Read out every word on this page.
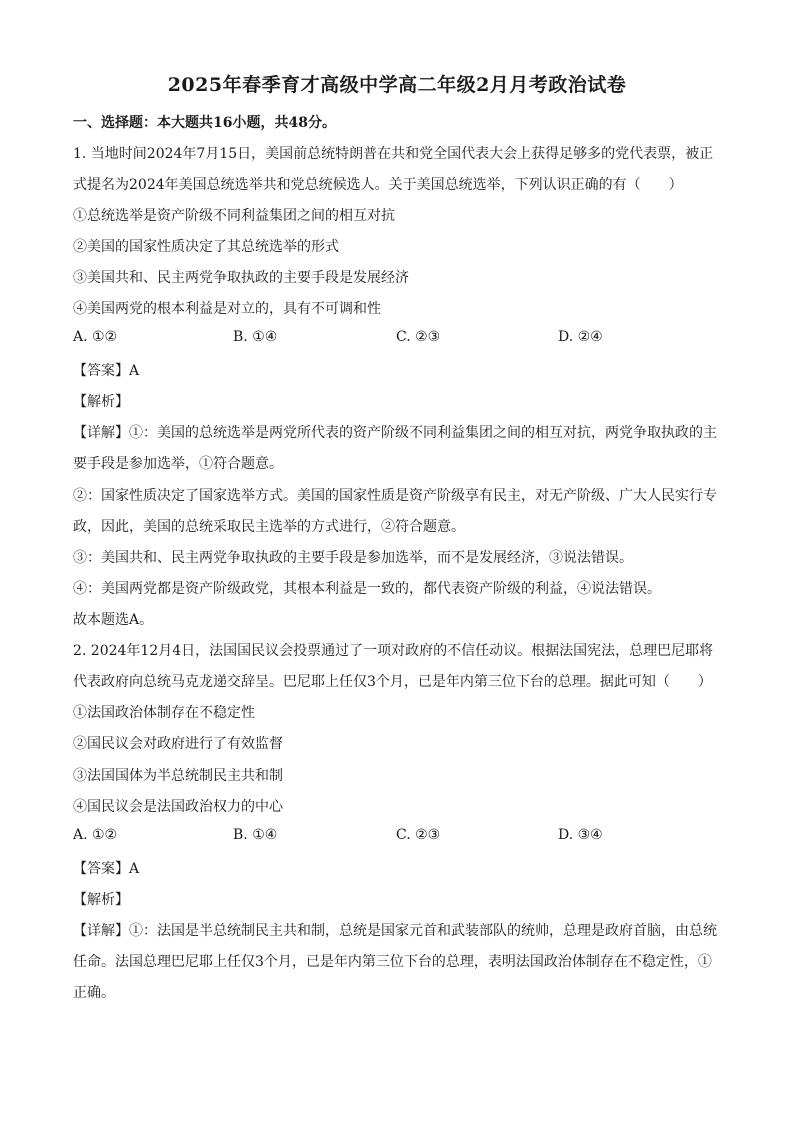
2025年春季育才高级中学高二年级2月月考政治试卷
一、选择题：本大题共16小题，共48分。
1. 当地时间2024年7月15日，美国前总统特朗普在共和党全国代表大会上获得足够多的党代表票，被正
式提名为2024年美国总统选举共和党总统候选人。关于美国总统选举，下列认识正确的有（　　）
①总统选举是资产阶级不同利益集团之间的相互对抗
②美国的国家性质决定了其总统选举的形式
③美国共和、民主两党争取执政的主要手段是发展经济
④美国两党的根本利益是对立的，具有不可调和性
A. ①②	B. ①④	C. ②③	D. ②④
【答案】A
【解析】
【详解】①：美国的总统选举是两党所代表的资产阶级不同利益集团之间的相互对抗，两党争取执政的主
要手段是参加选举，①符合题意。
②：国家性质决定了国家选举方式。美国的国家性质是资产阶级享有民主，对无产阶级、广大人民实行专
政，因此，美国的总统采取民主选举的方式进行，②符合题意。
③：美国共和、民主两党争取执政的主要手段是参加选举，而不是发展经济，③说法错误。
④：美国两党都是资产阶级政党，其根本利益是一致的，都代表资产阶级的利益，④说法错误。
故本题选A。
2. 2024年12月4日，法国国民议会投票通过了一项对政府的不信任动议。根据法国宪法，总理巴尼耶将
代表政府向总统马克龙递交辞呈。巴尼耶上任仅3个月，已是年内第三位下台的总理。据此可知（　　）
①法国政治体制存在不稳定性
②国民议会对政府进行了有效监督
③法国国体为半总统制民主共和制
④国民议会是法国政治权力的中心
A. ①②	B. ①④	C. ②③	D. ③④
【答案】A
【解析】
【详解】①：法国是半总统制民主共和制，总统是国家元首和武装部队的统帅，总理是政府首脑，由总统
任命。法国总理巴尼耶上任仅3个月，已是年内第三位下台的总理，表明法国政治体制存在不稳定性，①
正确。
